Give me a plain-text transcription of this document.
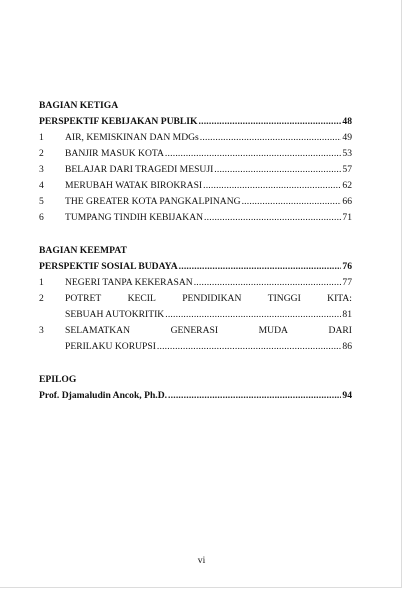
BAGIAN KETIGA
PERSPEKTIF KEBIJAKAN PUBLIK .....	48
1	AIR, KEMISKINAN DAN MDGs .....	49
2	BANJIR MASUK KOTA .....	53
3	BELAJAR DARI TRAGEDI MESUJI .....	57
4	MERUBAH WATAK BIROKRASI .....	62
5	THE GREATER KOTA PANGKALPINANG .....	66
6	TUMPANG TINDIH KEBIJAKAN .....	71
BAGIAN KEEMPAT
PERSPEKTIF SOSIAL BUDAYA .....	76
1	NEGERI TANPA KEKERASAN .....	77
2	POTRET	KECIL	PENDIDIKAN	TINGGI	KITA:
SEBUAH AUTOKRITIK .....	81
3	SELAMATKAN	GENERASI	MUDA	DARI
PERILAKU KORUPSI .....	86
EPILOG
Prof. Djamaludin Ancok, Ph.D. .....	94
vi
